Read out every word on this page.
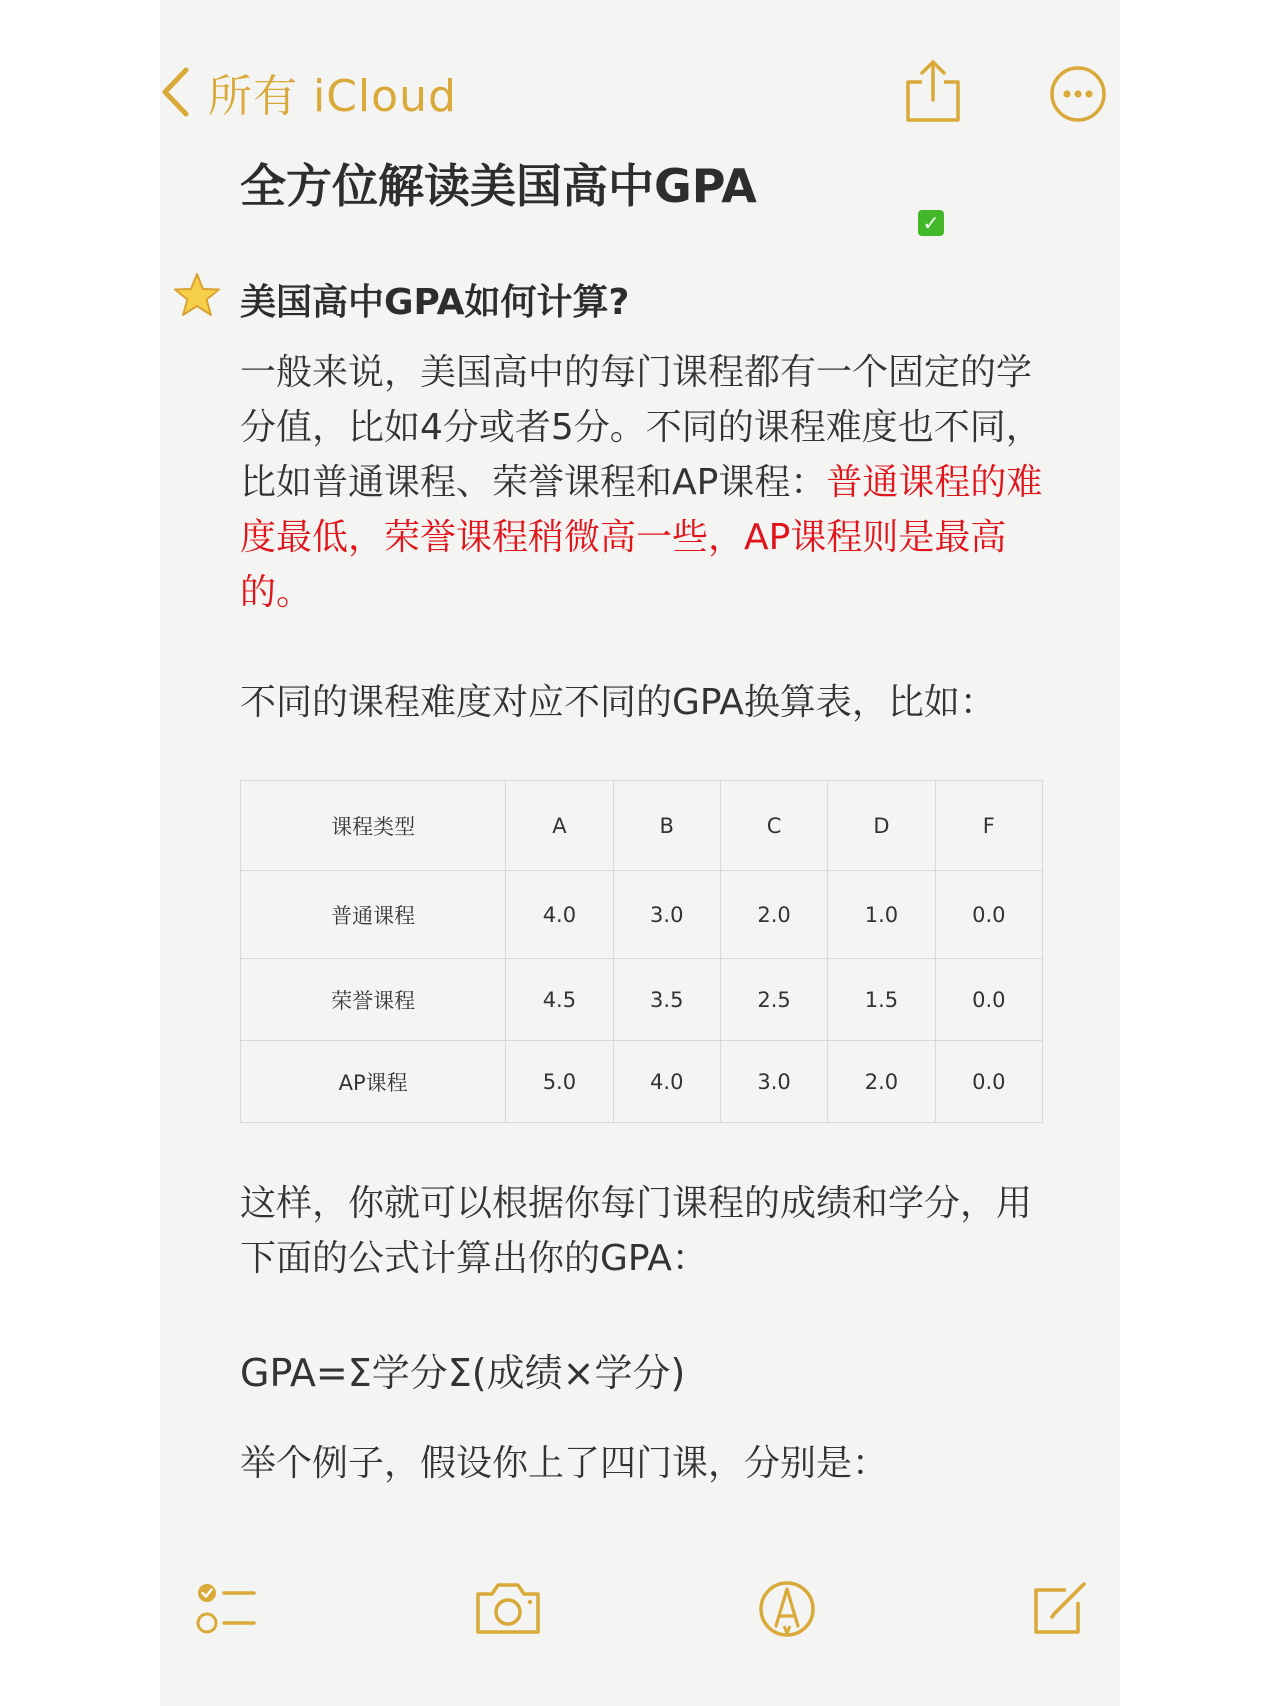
所有 iCloud
全方位解读美国高中GPA
✓
美国高中GPA如何计算?
一般来说，美国高中的每门课程都有一个固定的学分值，比如4分或者5分。不同的课程难度也不同，比如普通课程、荣誉课程和AP课程：普通课程的难度最低，荣誉课程稍微高一些，AP课程则是最高的。
不同的课程难度对应不同的GPA换算表，比如：
课程类型	A	B	C	D	F
普通课程	4.0	3.0	2.0	1.0	0.0
荣誉课程	4.5	3.5	2.5	1.5	0.0
AP课程	5.0	4.0	3.0	2.0	0.0
这样，你就可以根据你每门课程的成绩和学分，用下面的公式计算出你的GPA：
GPA=Σ学分Σ(成绩×学分)
举个例子，假设你上了四门课，分别是：
